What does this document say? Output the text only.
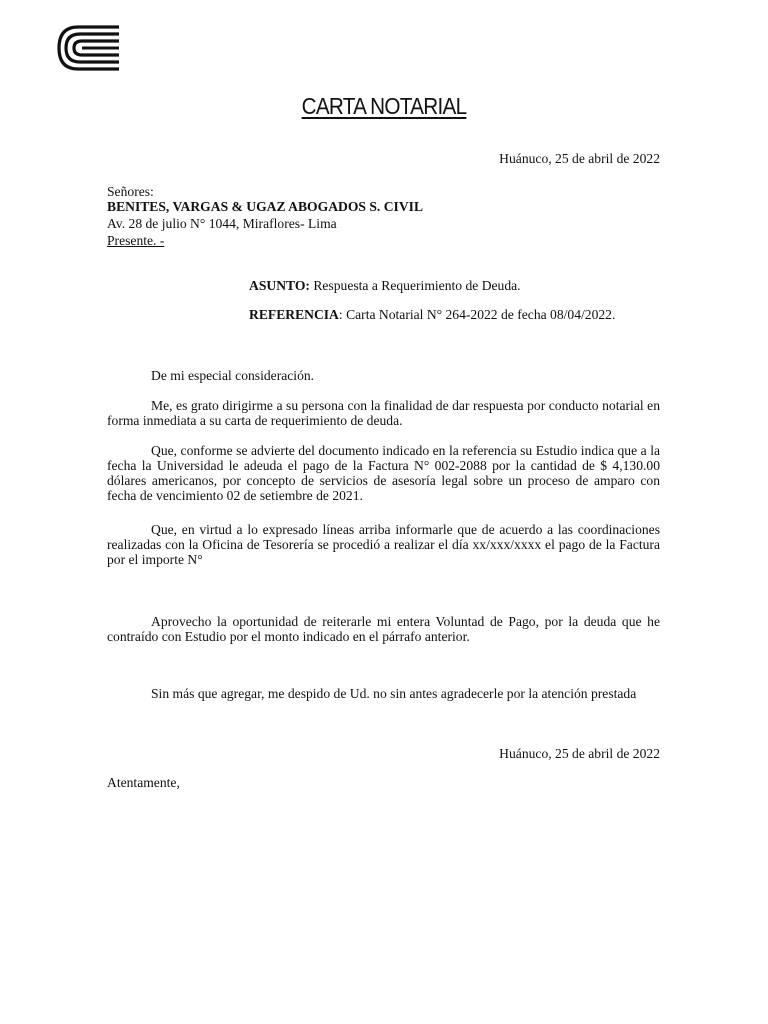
CARTA NOTARIAL
Huánuco, 25 de abril de 2022
Señores:
BENITES, VARGAS & UGAZ ABOGADOS S. CIVIL
Av. 28 de julio N° 1044, Miraflores- Lima
Presente. -
ASUNTO: Respuesta a Requerimiento de Deuda.
REFERENCIA: Carta Notarial N° 264-2022 de fecha 08/04/2022.
De mi especial consideración.
Me, es grato dirigirme a su persona con la finalidad de dar respuesta por conducto notarial en forma inmediata a su carta de requerimiento de deuda.
Que, conforme se advierte del documento indicado en la referencia su Estudio indica que a la fecha la Universidad le adeuda el pago de la Factura N° 002-2088 por la cantidad de $ 4,130.00 dólares americanos, por concepto de servicios de asesoría legal sobre un proceso de amparo con fecha de vencimiento 02 de setiembre de 2021.
Que, en virtud a lo expresado líneas arriba informarle que de acuerdo a las coordinaciones realizadas con la Oficina de Tesorería se procedió a realizar el día xx/xxx/xxxx el pago de la Factura por el importe N°
Aprovecho la oportunidad de reiterarle mi entera Voluntad de Pago, por la deuda que he contraído con Estudio por el monto indicado en el párrafo anterior.
Sin más que agregar, me despido de Ud. no sin antes agradecerle por la atención prestada
Huánuco, 25 de abril de 2022
Atentamente,
